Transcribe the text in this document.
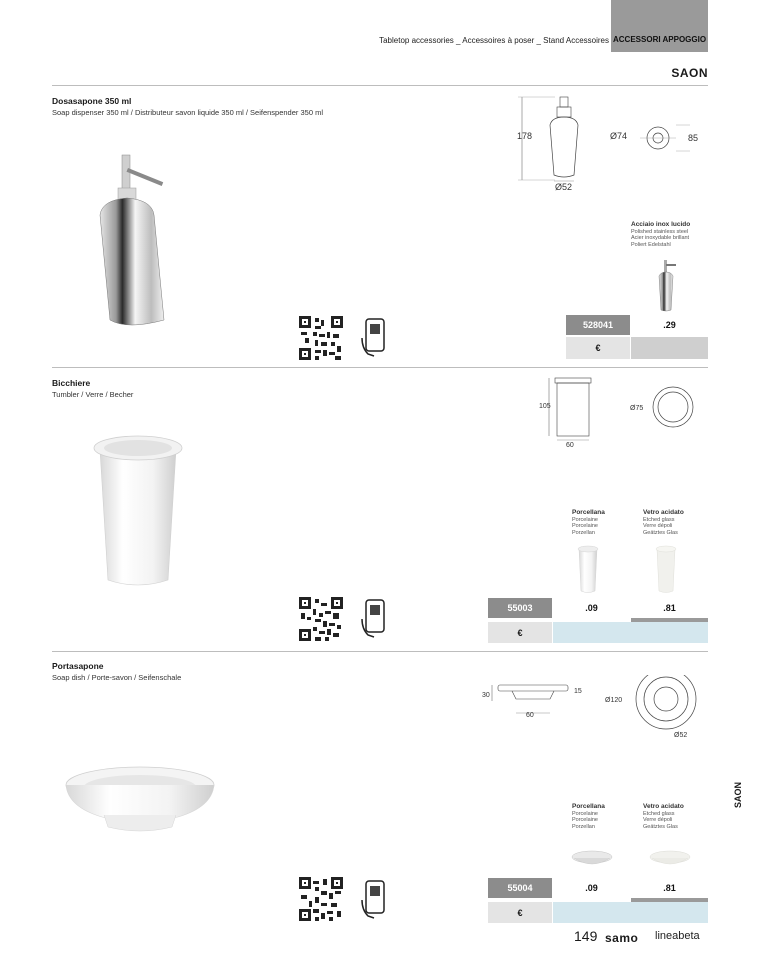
Tabletop accessories _ Accessoires à poser _ Stand Accessoires ACCESSORI APPOGGIO
SAON
Dosasapone 350 ml
Soap dispenser 350 ml / Distributeur savon liquide 350 ml / Seifenspender 350 ml
178
Ø52
Ø74	85
Acciaio inox lucido
Polished stainless steel
Acier inoxydable brillant
Poliert Edelstahl
528041	.29
€
Bicchiere
Tumbler / Verre / Becher
105
60
Ø75
Porcellana
Porcelaine
Porcelaine
Porzellan
Vetro acidato
Etched glass
Verre dépoli
Geätztes Glas
55003	.09	.81
€
Portasapone
Soap dish / Porte-savon / Seifenschale
30
15
60
Ø120
Ø52
Porcellana
Porcelaine
Porcelaine
Porzellan
Vetro acidato
Etched glass
Verre dépoli
Geätztes Glas
55004	.09	.81
€
SAON
149 samo lineabeta
